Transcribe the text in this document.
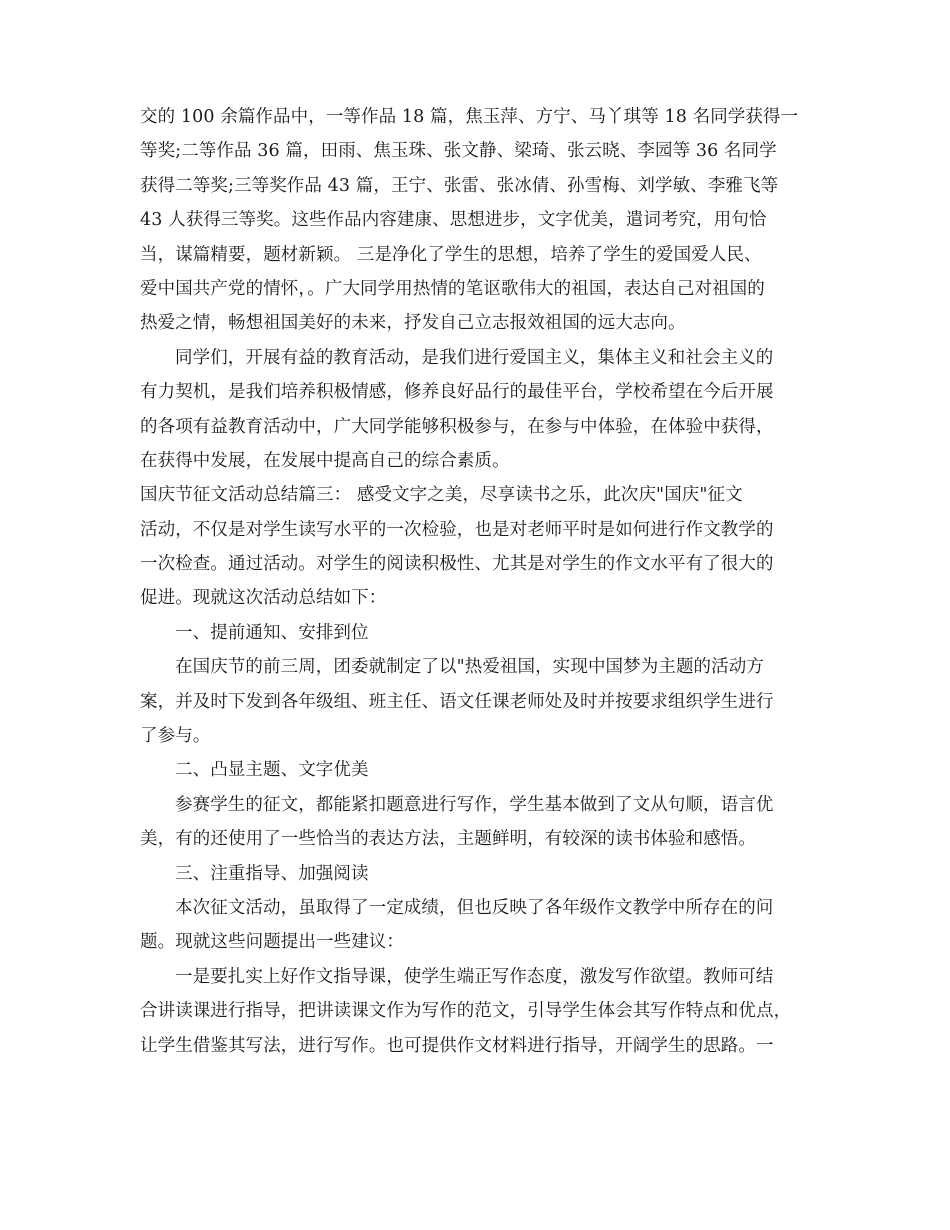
交的 100 余篇作品中，一等作品 18 篇，焦玉萍、方宁、马丫琪等 18 名同学获得一
等奖;二等作品 36 篇，田雨、焦玉珠、张文静、梁琦、张云晓、李园等 36 名同学
获得二等奖;三等奖作品 43 篇，王宁、张雷、张冰倩、孙雪梅、刘学敏、李雅飞等
43 人获得三等奖。这些作品内容建康、思想进步，文字优美，遣词考究，用句恰
当，谋篇精要，题材新颖。 三是净化了学生的思想，培养了学生的爱国爱人民、
爱中国共产党的情怀，。广大同学用热情的笔讴歌伟大的祖国，表达自己对祖国的
热爱之情，畅想祖国美好的未来，抒发自己立志报效祖国的远大志向。
同学们，开展有益的教育活动，是我们进行爱国主义，集体主义和社会主义的
有力契机，是我们培养积极情感，修养良好品行的最佳平台，学校希望在今后开展
的各项有益教育活动中，广大同学能够积极参与，在参与中体验，在体验中获得，
在获得中发展，在发展中提高自己的综合素质。
国庆节征文活动总结篇三： 感受文字之美，尽享读书之乐，此次庆"国庆"征文
活动，不仅是对学生读写水平的一次检验，也是对老师平时是如何进行作文教学的
一次检查。通过活动。对学生的阅读积极性、尤其是对学生的作文水平有了很大的
促进。现就这次活动总结如下：
一、提前通知、安排到位
在国庆节的前三周，团委就制定了以"热爱祖国，实现中国梦为主题的活动方
案，并及时下发到各年级组、班主任、语文任课老师处及时并按要求组织学生进行
了参与。
二、凸显主题、文字优美
参赛学生的征文，都能紧扣题意进行写作，学生基本做到了文从句顺，语言优
美，有的还使用了一些恰当的表达方法，主题鲜明，有较深的读书体验和感悟。
三、注重指导、加强阅读
本次征文活动，虽取得了一定成绩，但也反映了各年级作文教学中所存在的问
题。现就这些问题提出一些建议：
一是要扎实上好作文指导课，使学生端正写作态度，激发写作欲望。教师可结
合讲读课进行指导，把讲读课文作为写作的范文，引导学生体会其写作特点和优点，
让学生借鉴其写法，进行写作。也可提供作文材料进行指导，开阔学生的思路。一
